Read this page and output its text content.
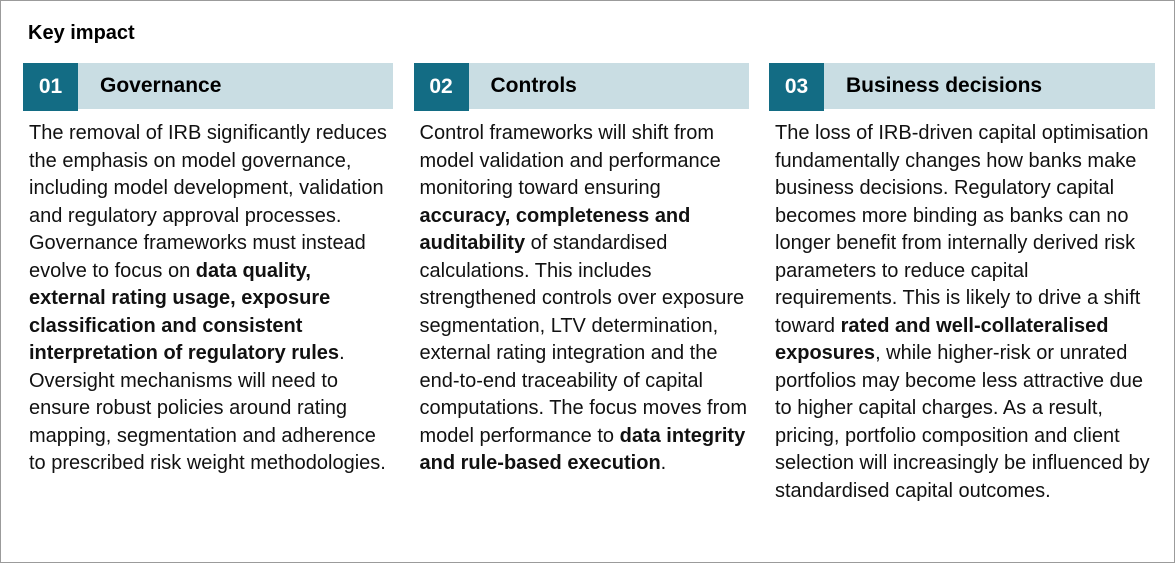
Key impact
01	Governance

The removal of IRB significantly reduces the emphasis on model governance, including model development, validation and regulatory approval processes. Governance frameworks must instead evolve to focus on data quality, external rating usage, exposure classification and consistent interpretation of regulatory rules. Oversight mechanisms will need to ensure robust policies around rating mapping, segmentation and adherence to prescribed risk weight methodologies.

02	Controls

Control frameworks will shift from model validation and performance monitoring toward ensuring accuracy, completeness and auditability of standardised calculations. This includes strengthened controls over exposure segmentation, LTV determination, external rating integration and the end-to-end traceability of capital computations. The focus moves from model performance to data integrity and rule-based execution.

03	Business decisions

The loss of IRB-driven capital optimisation fundamentally changes how banks make business decisions. Regulatory capital becomes more binding as banks can no longer benefit from internally derived risk parameters to reduce capital requirements. This is likely to drive a shift toward rated and well-collateralised exposures, while higher-risk or unrated portfolios may become less attractive due to higher capital charges. As a result, pricing, portfolio composition and client selection will increasingly be influenced by standardised capital outcomes.
